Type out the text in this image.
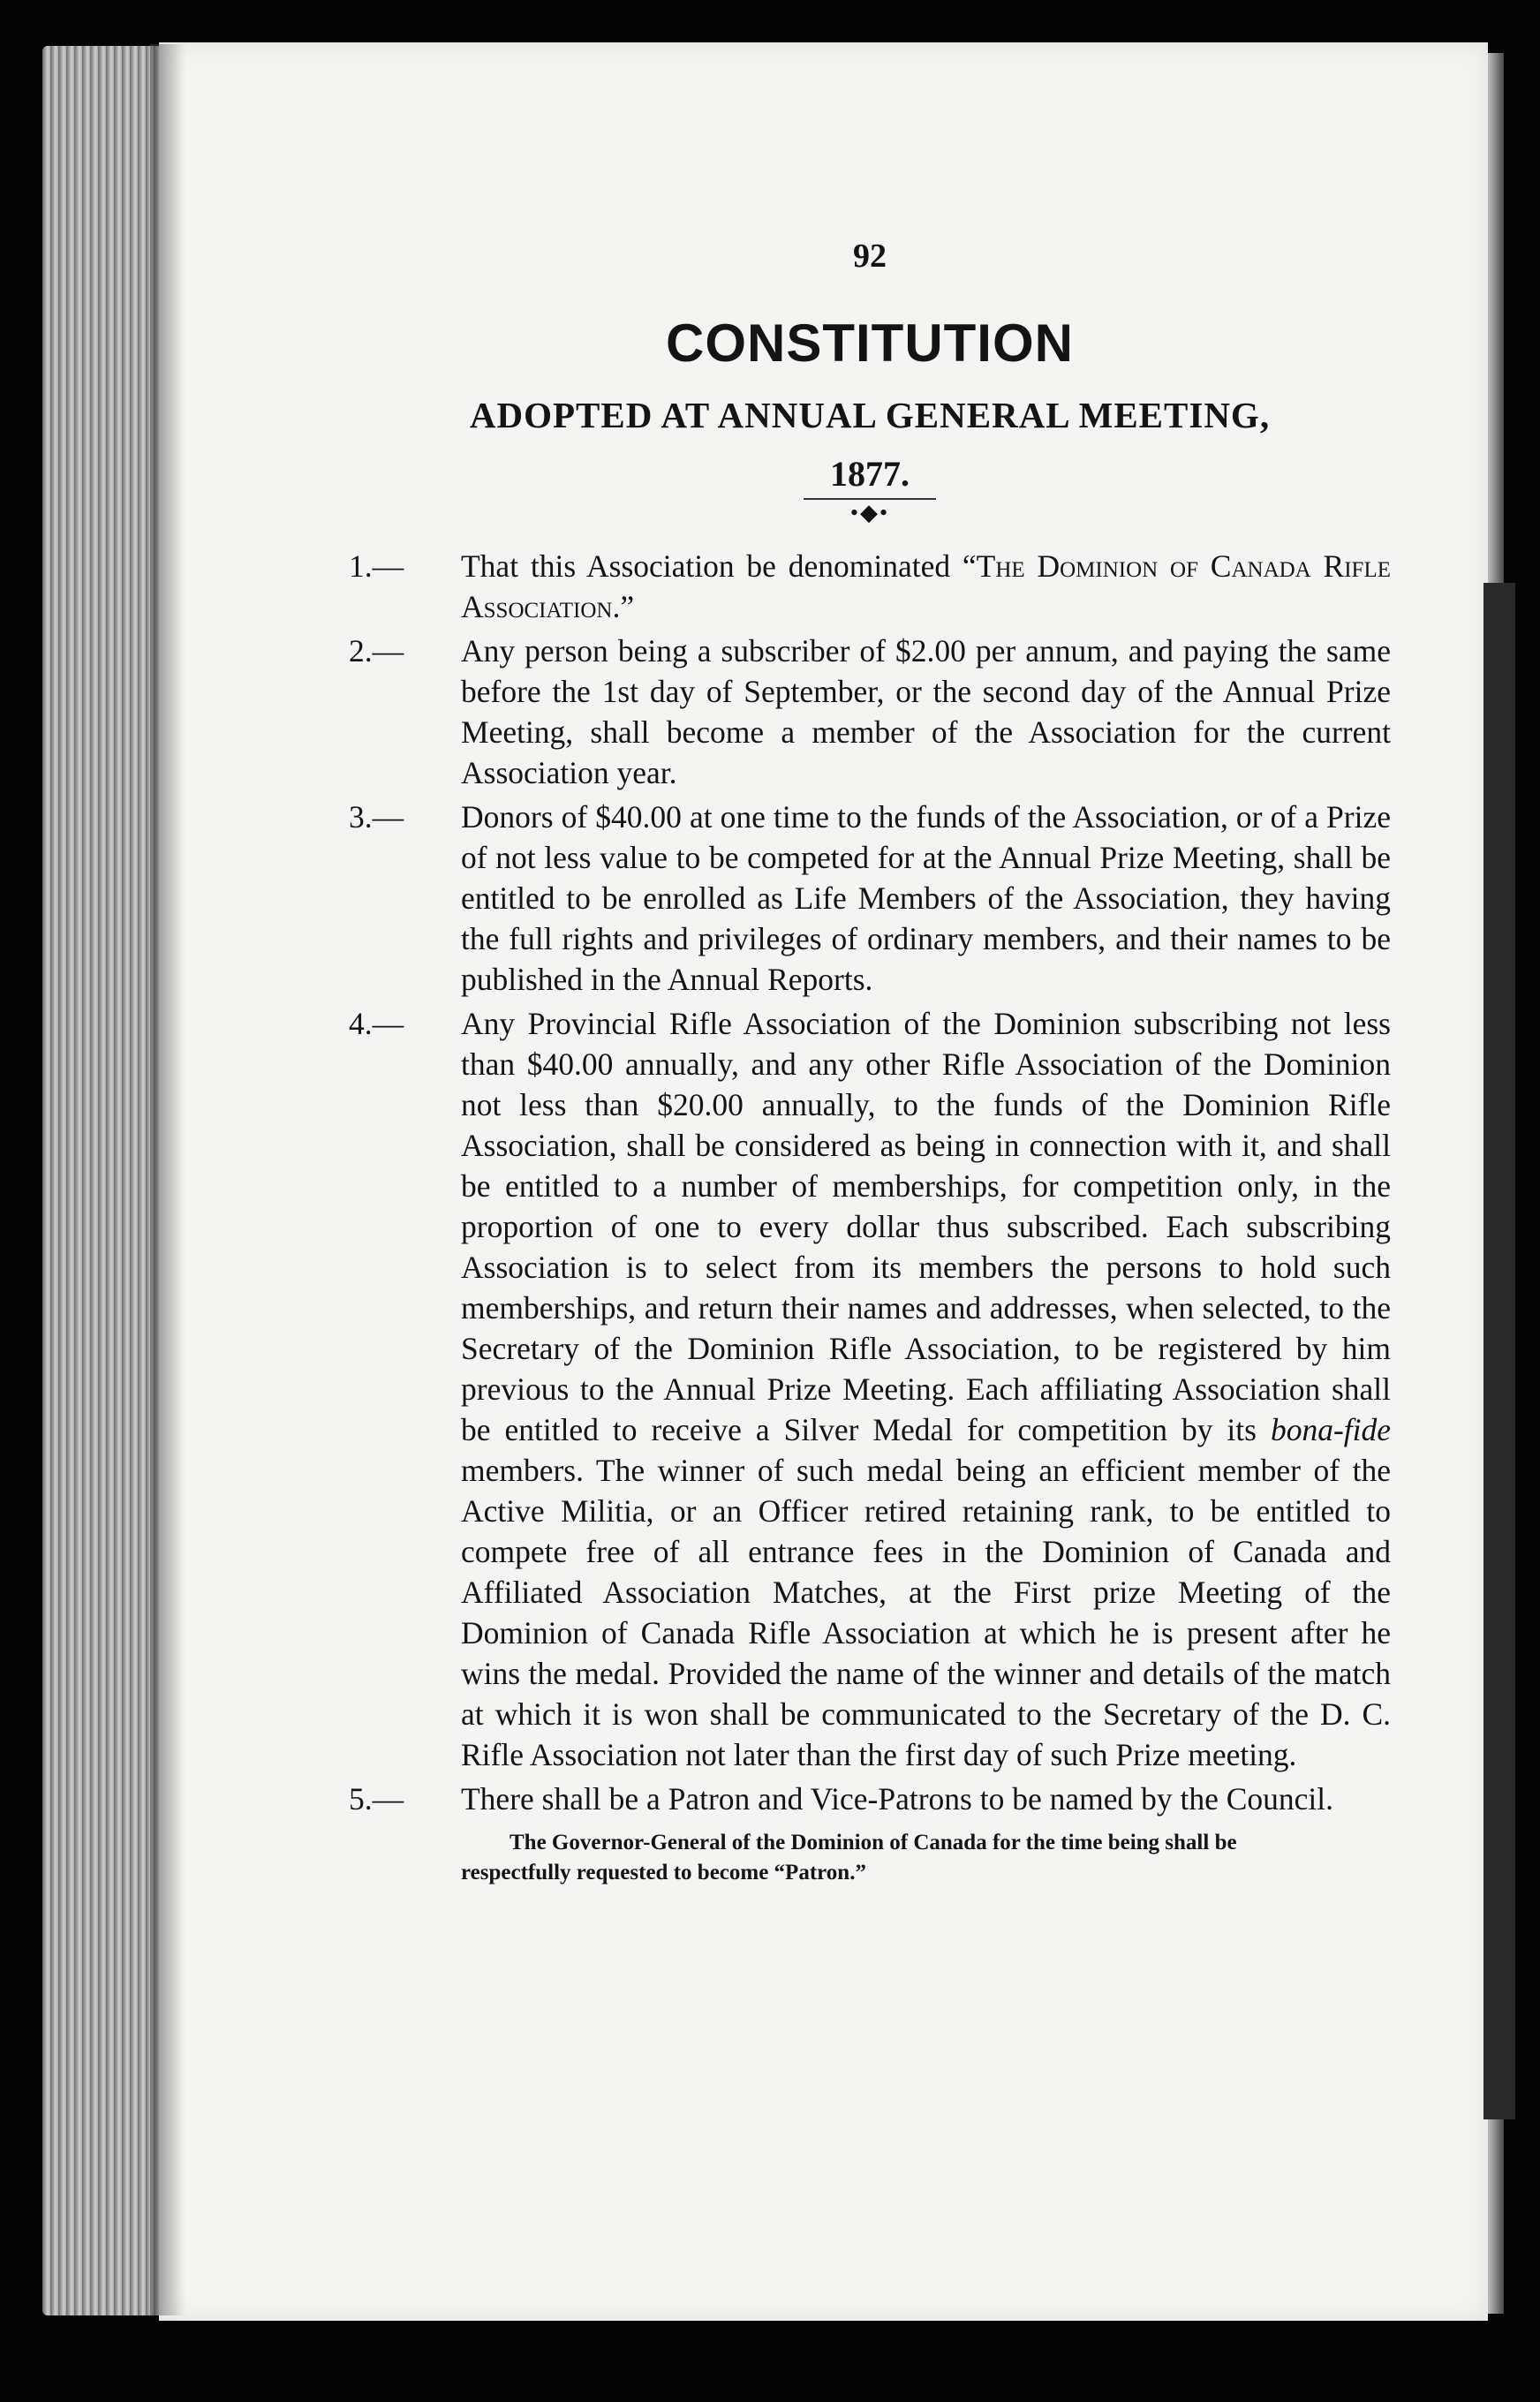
92
CONSTITUTION
ADOPTED AT ANNUAL GENERAL MEETING,
1877.
•◆•
1.— That this Association be denominated “The Dominion of Canada Rifle Association.”
2.— Any person being a subscriber of $2.00 per annum, and paying the same before the 1st day of September, or the second day of the Annual Prize Meeting, shall become a member of the Association for the current Association year.
3.— Donors of $40.00 at one time to the funds of the Association, or of a Prize of not less value to be competed for at the Annual Prize Meeting, shall be entitled to be enrolled as Life Members of the Association, they having the full rights and privileges of ordinary members, and their names to be published in the Annual Reports.
4.— Any Provincial Rifle Association of the Dominion subscribing not less than $40.00 annually, and any other Rifle Association of the Dominion not less than $20.00 annually, to the funds of the Dominion Rifle Association, shall be considered as being in connection with it, and shall be entitled to a number of memberships, for competition only, in the proportion of one to every dollar thus subscribed. Each subscribing Association is to select from its members the persons to hold such memberships, and return their names and addresses, when selected, to the Secretary of the Dominion Rifle Association, to be registered by him previous to the Annual Prize Meeting. Each affiliating Association shall be entitled to receive a Silver Medal for competition by its bona-fide members. The winner of such medal being an efficient member of the Active Militia, or an Officer retired retaining rank, to be entitled to compete free of all entrance fees in the Dominion of Canada and Affiliated Association Matches, at the First prize Meeting of the Dominion of Canada Rifle Association at which he is present after he wins the medal. Provided the name of the winner and details of the match at which it is won shall be communicated to the Secretary of the D. C. Rifle Association not later than the first day of such Prize meeting.
5.— There shall be a Patron and Vice-Patrons to be named by the Council.
The Governor-General of the Dominion of Canada for the time being shall be
respectfully requested to become “Patron.”
